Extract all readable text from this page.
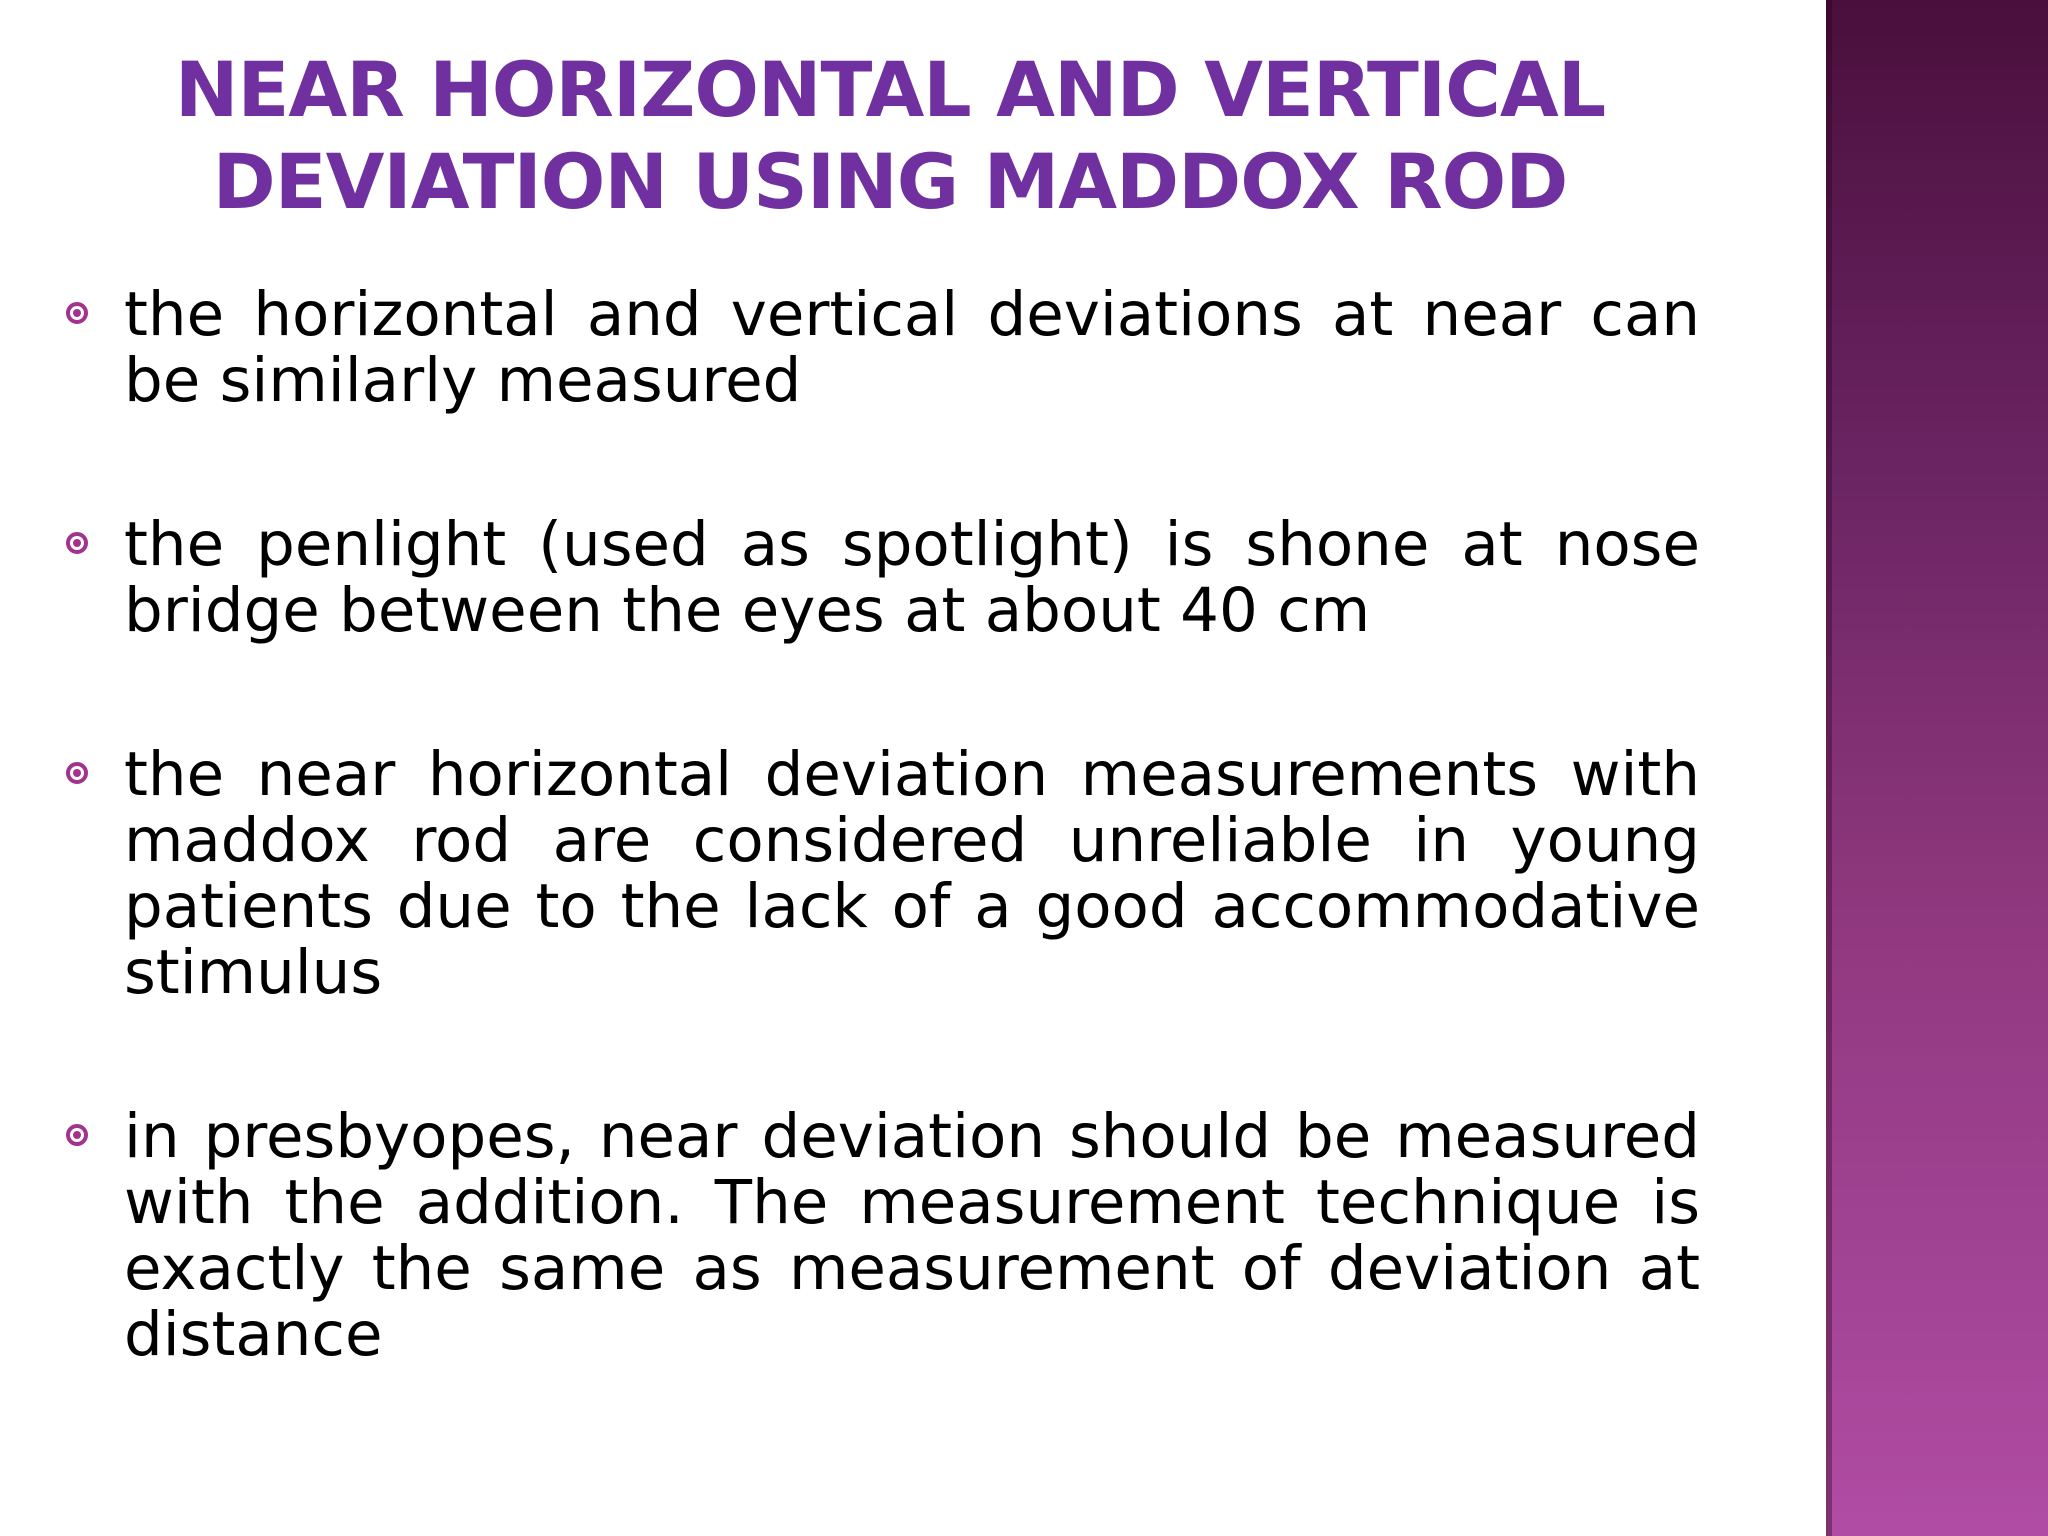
NEAR HORIZONTAL AND VERTICAL DEVIATION USING MADDOX ROD
the horizontal and vertical deviations at near can be similarly measured
the penlight (used as spotlight) is shone at nose bridge between the eyes at about 40 cm
the near horizontal deviation measurements with maddox rod are considered unreliable in young patients due to the lack of a good accommodative stimulus
in presbyopes, near deviation should be measured with the addition. The measurement technique is exactly the same as measurement of deviation at distance
